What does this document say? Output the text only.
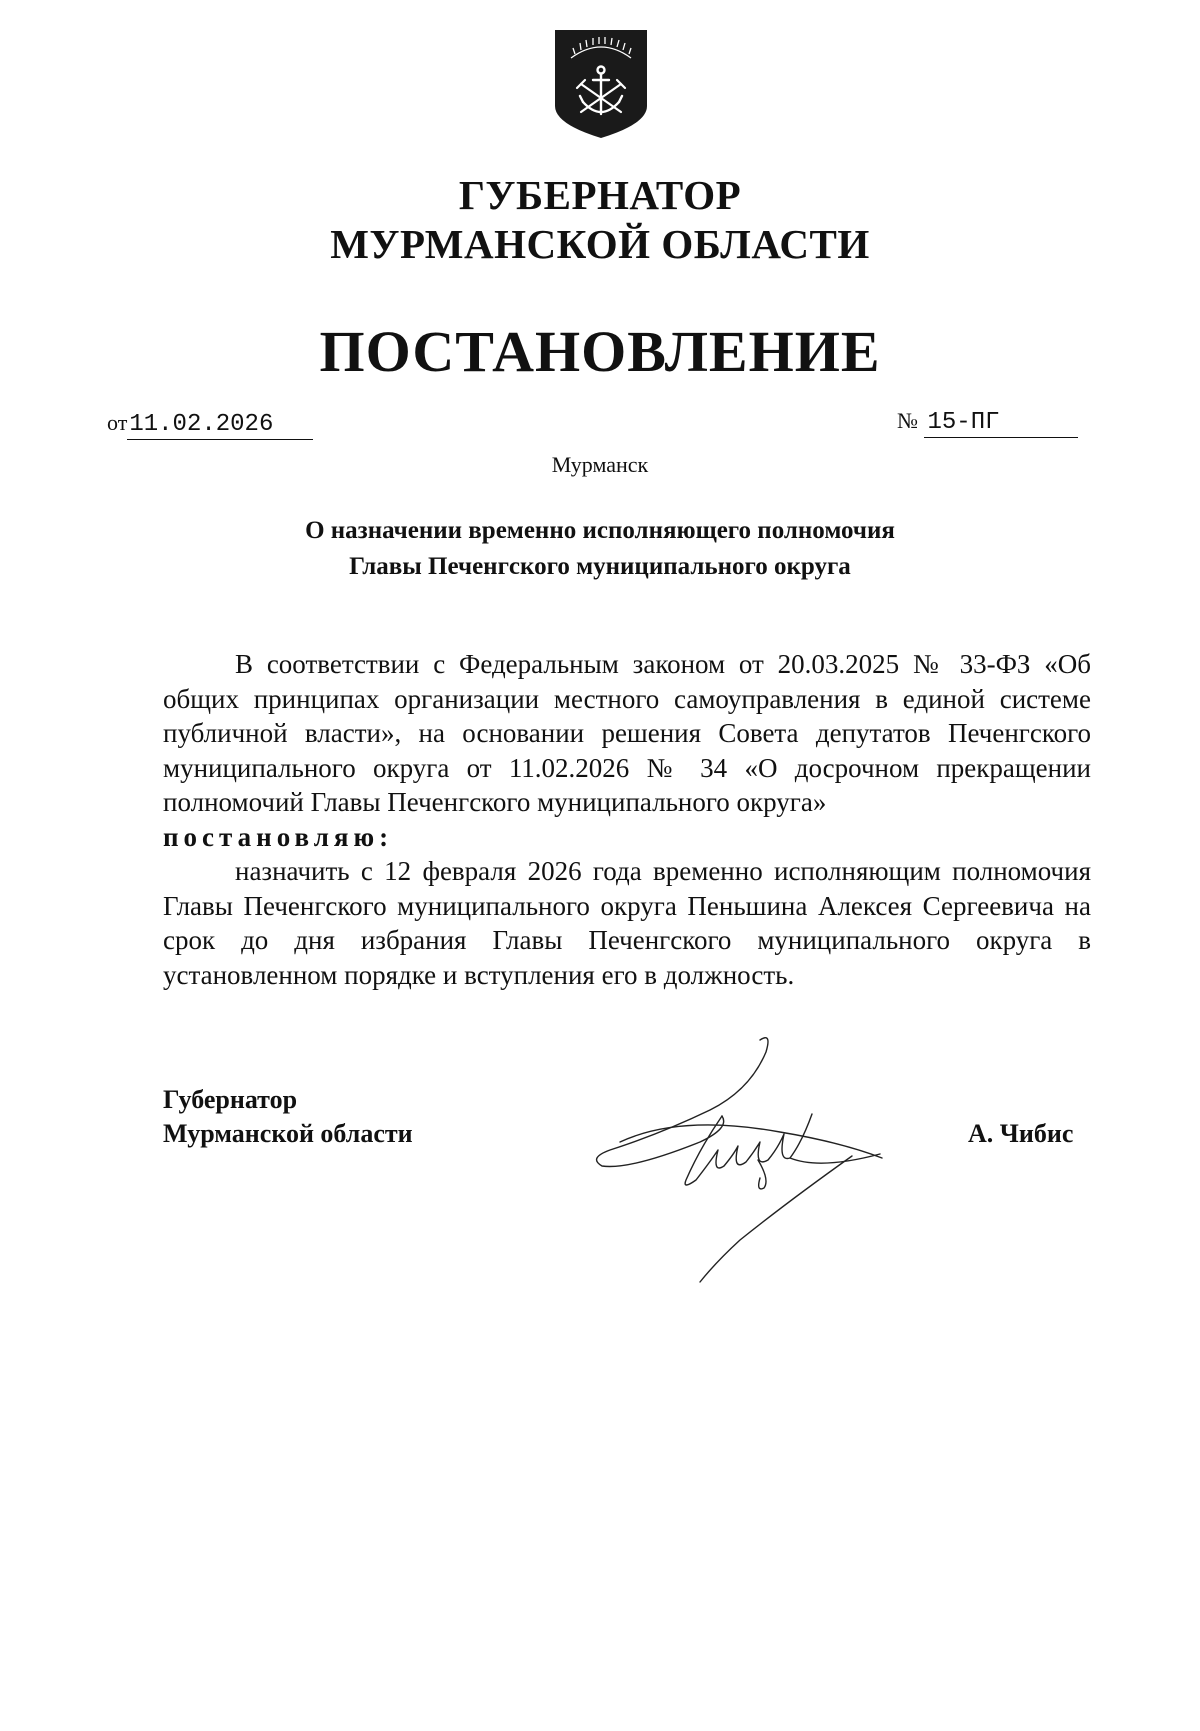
ГУБЕРНАТОР
МУРМАНСКОЙ ОБЛАСТИ
ПОСТАНОВЛЕНИЕ
от11.02.2026	№ 15-ПГ
Мурманск
О назначении временно исполняющего полномочия
Главы Печенгского муниципального округа

В соответствии с Федеральным законом от 20.03.2025 № 33-ФЗ «Об общих принципах организации местного самоуправления в единой системе публичной власти», на основании решения Совета депутатов Печенгского муниципального округа от 11.02.2026 № 34 «О досрочном прекращении полномочий Главы Печенгского муниципального округа»

постановляю:

назначить с 12 февраля 2026 года временно исполняющим полномочия Главы Печенгского муниципального округа Пеньшина Алексея Сергеевича на срок до дня избрания Главы Печенгского муниципального округа в установленном порядке и вступления его в должность.

Губернатор
Мурманской области	А. Чибис
